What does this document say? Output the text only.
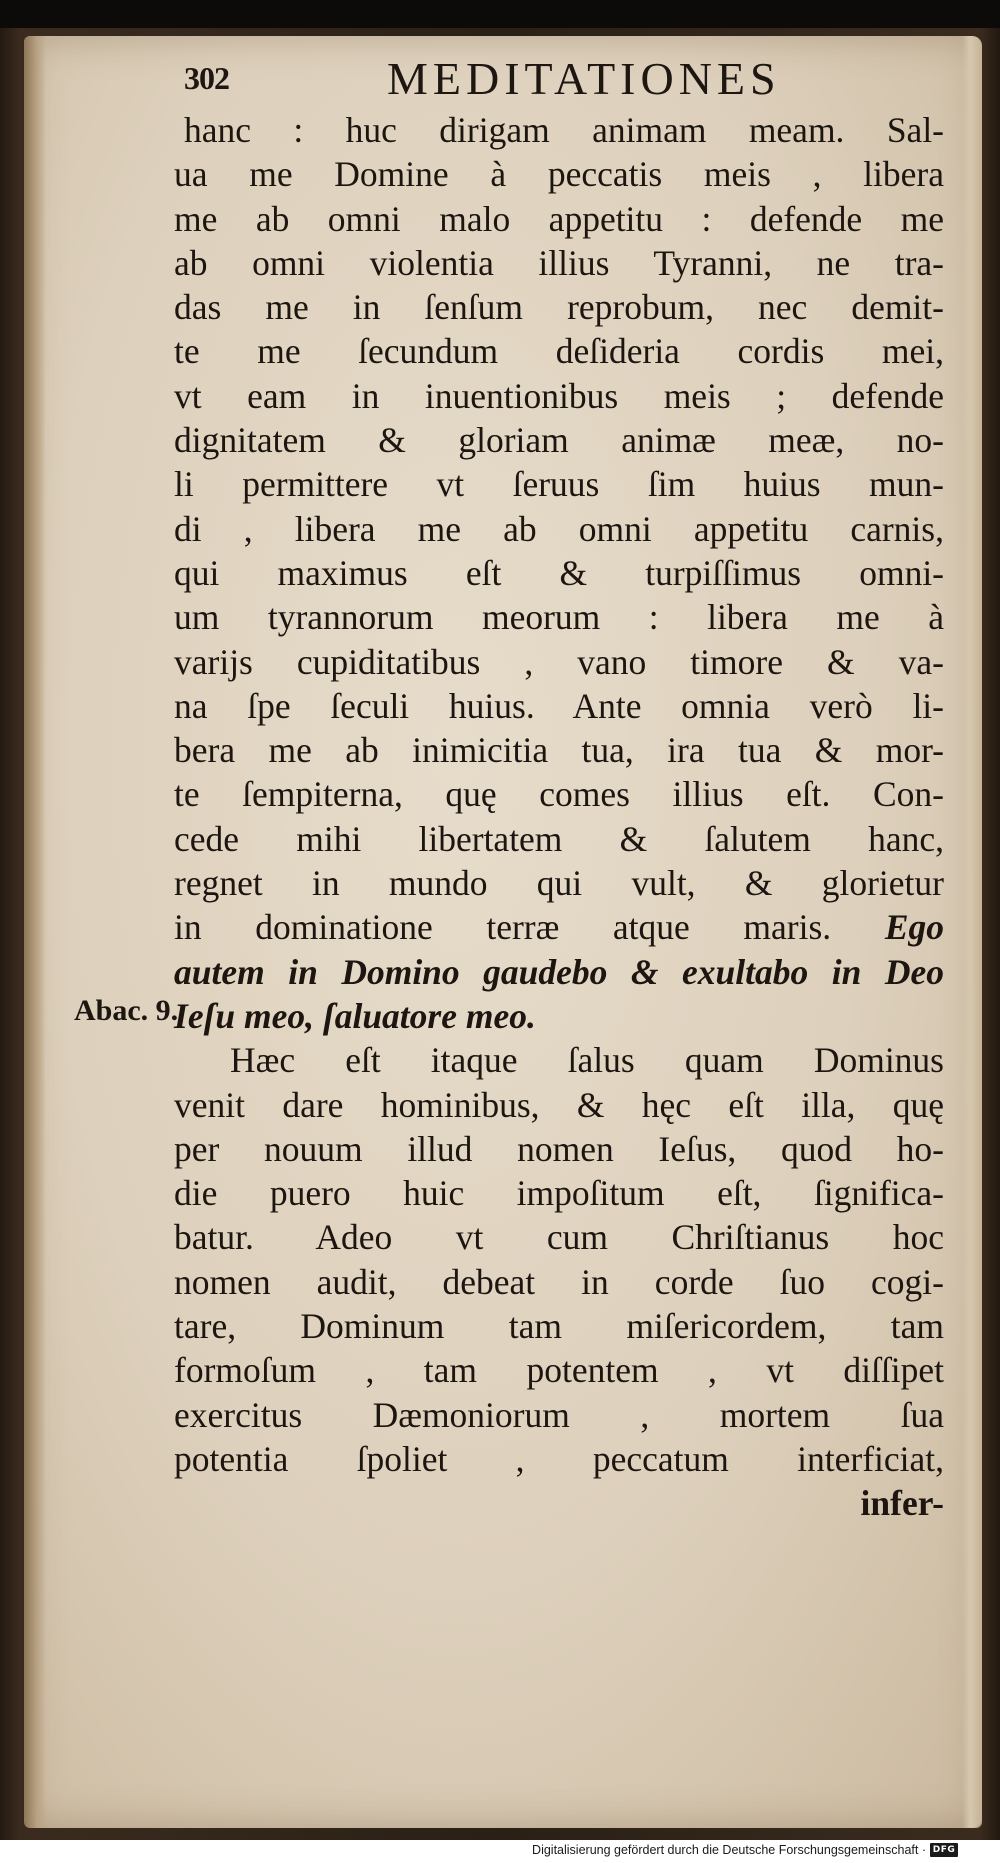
302	MEDITATIONES
Abac. 9.
hanc : huc dirigam animam meam. Sal-
ua me Domine à peccatis meis , libera
me ab omni malo appetitu : defende me
ab omni violentia illius Tyranni, ne tra-
das me in ſenſum reprobum, nec demit-
te me ſecundum deſideria cordis mei,
vt eam in inuentionibus meis ; defende
dignitatem & gloriam animæ meæ, no-
li permittere vt ſeruus ſim huius mun-
di , libera me ab omni appetitu carnis,
qui maximus eſt & turpiſſimus omni-
um tyrannorum meorum : libera me à
varijs cupiditatibus , vano timore & va-
na ſpe ſeculi huius. Ante omnia verò li-
bera me ab inimicitia tua, ira tua & mor-
te ſempiterna, quę comes illius eſt. Con-
cede mihi libertatem & ſalutem hanc,
regnet in mundo qui vult, & glorietur
in dominatione terræ atque maris. Ego
autem in Domino gaudebo & exultabo in Deo
Ieſu meo, ſaluatore meo.
Hæc eſt itaque ſalus quam Dominus
venit dare hominibus, & hęc eſt illa, quę
per nouum illud nomen Ieſus, quod ho-
die puero huic impoſitum eſt, ſignifica-
batur. Adeo vt cum Chriſtianus hoc
nomen audit, debeat in corde ſuo cogi-
tare, Dominum tam miſericordem, tam
formoſum , tam potentem , vt diſſipet
exercitus Dæmoniorum , mortem ſua
potentia ſpoliet , peccatum interficiat,
infer-
Digitalisierung gefördert durch die Deutsche Forschungsgemeinschaft · DFG
